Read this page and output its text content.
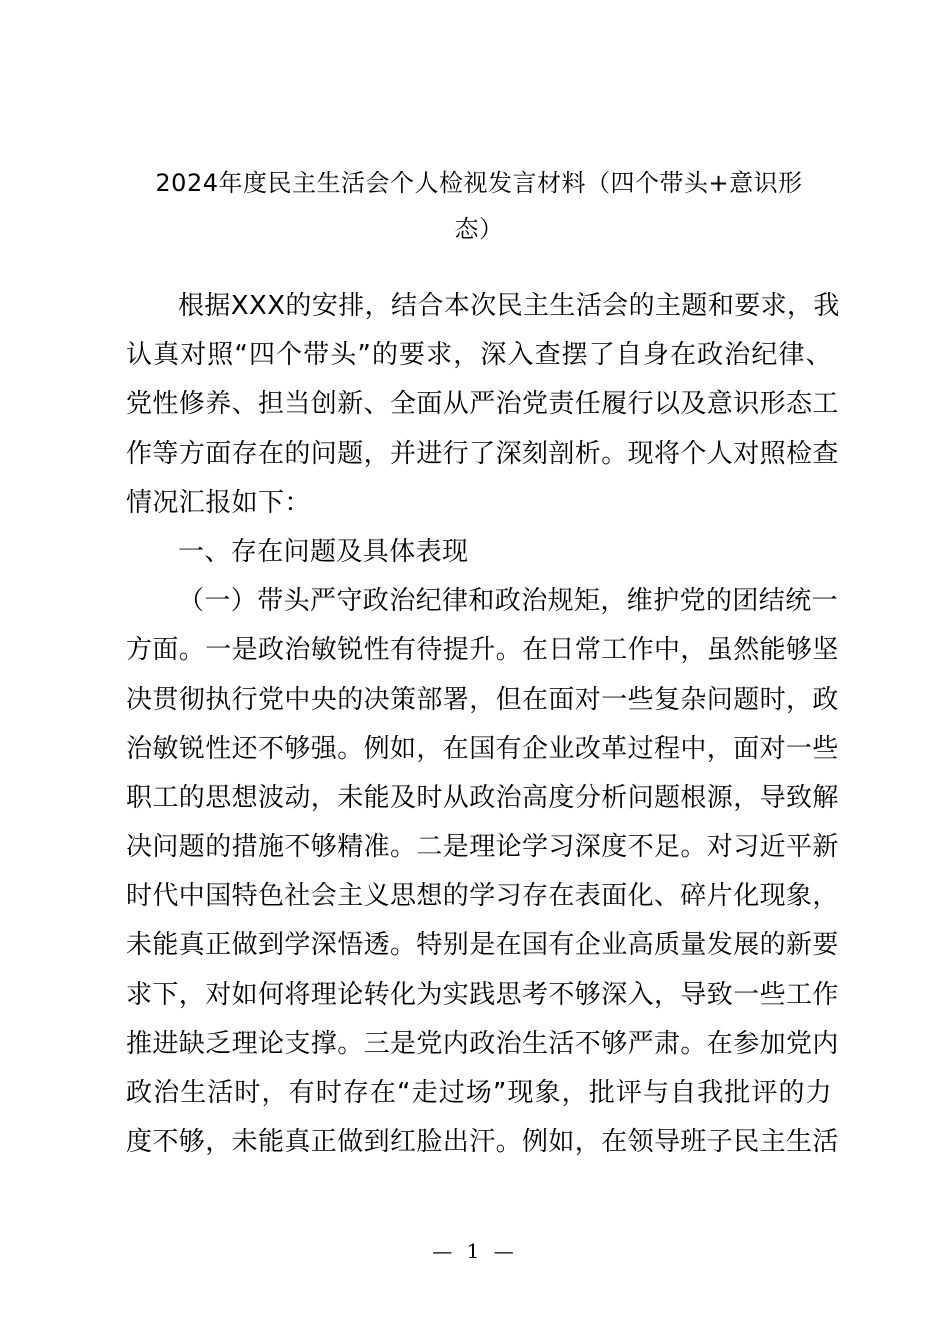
2024年度民主生活会个人检视发言材料（四个带头+意识形
态）
根据XXX的安排，结合本次民主生活会的主题和要求，我
认真对照“四个带头”的要求，深入查摆了自身在政治纪律、
党性修养、担当创新、全面从严治党责任履行以及意识形态工
作等方面存在的问题，并进行了深刻剖析。现将个人对照检查
情况汇报如下：
一、存在问题及具体表现
（一）带头严守政治纪律和政治规矩，维护党的团结统一
方面。一是政治敏锐性有待提升。在日常工作中，虽然能够坚
决贯彻执行党中央的决策部署，但在面对一些复杂问题时，政
治敏锐性还不够强。例如，在国有企业改革过程中，面对一些
职工的思想波动，未能及时从政治高度分析问题根源，导致解
决问题的措施不够精准。二是理论学习深度不足。对习近平新
时代中国特色社会主义思想的学习存在表面化、碎片化现象，
未能真正做到学深悟透。特别是在国有企业高质量发展的新要
求下，对如何将理论转化为实践思考不够深入，导致一些工作
推进缺乏理论支撑。三是党内政治生活不够严肃。在参加党内
政治生活时，有时存在“走过场”现象，批评与自我批评的力
度不够，未能真正做到红脸出汗。例如，在领导班子民主生活
— 1 —
